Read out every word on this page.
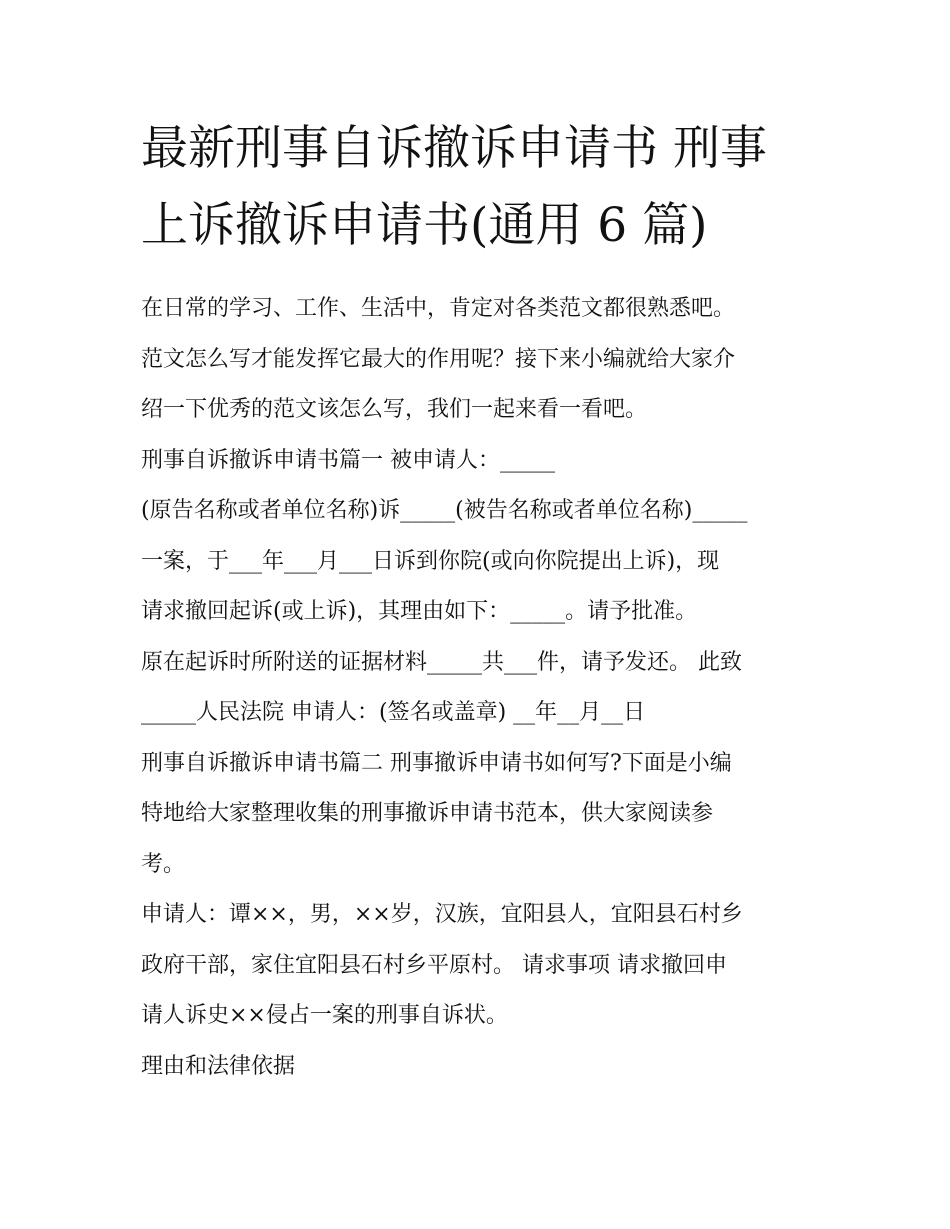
最新刑事自诉撤诉申请书 刑事
上诉撤诉申请书(通用 6 篇)

在日常的学习、工作、生活中，肯定对各类范文都很熟悉吧。
范文怎么写才能发挥它最大的作用呢？接下来小编就给大家介
绍一下优秀的范文该怎么写，我们一起来看一看吧。

刑事自诉撤诉申请书篇一 被申请人：_____
(原告名称或者单位名称)诉_____(被告名称或者单位名称)_____
一案，于___年___月___日诉到你院(或向你院提出上诉)，现
请求撤回起诉(或上诉)，其理由如下：_____。请予批准。

原在起诉时所附送的证据材料_____共___件，请予发还。 此致
_____人民法院 申请人：(签名或盖章) __年__月__日

刑事自诉撤诉申请书篇二 刑事撤诉申请书如何写?下面是小编
特地给大家整理收集的刑事撤诉申请书范本，供大家阅读参
考。

申请人：谭××，男，××岁，汉族，宜阳县人，宜阳县石村乡
政府干部，家住宜阳县石村乡平原村。 请求事项 请求撤回申
请人诉史××侵占一案的刑事自诉状。

理由和法律依据
